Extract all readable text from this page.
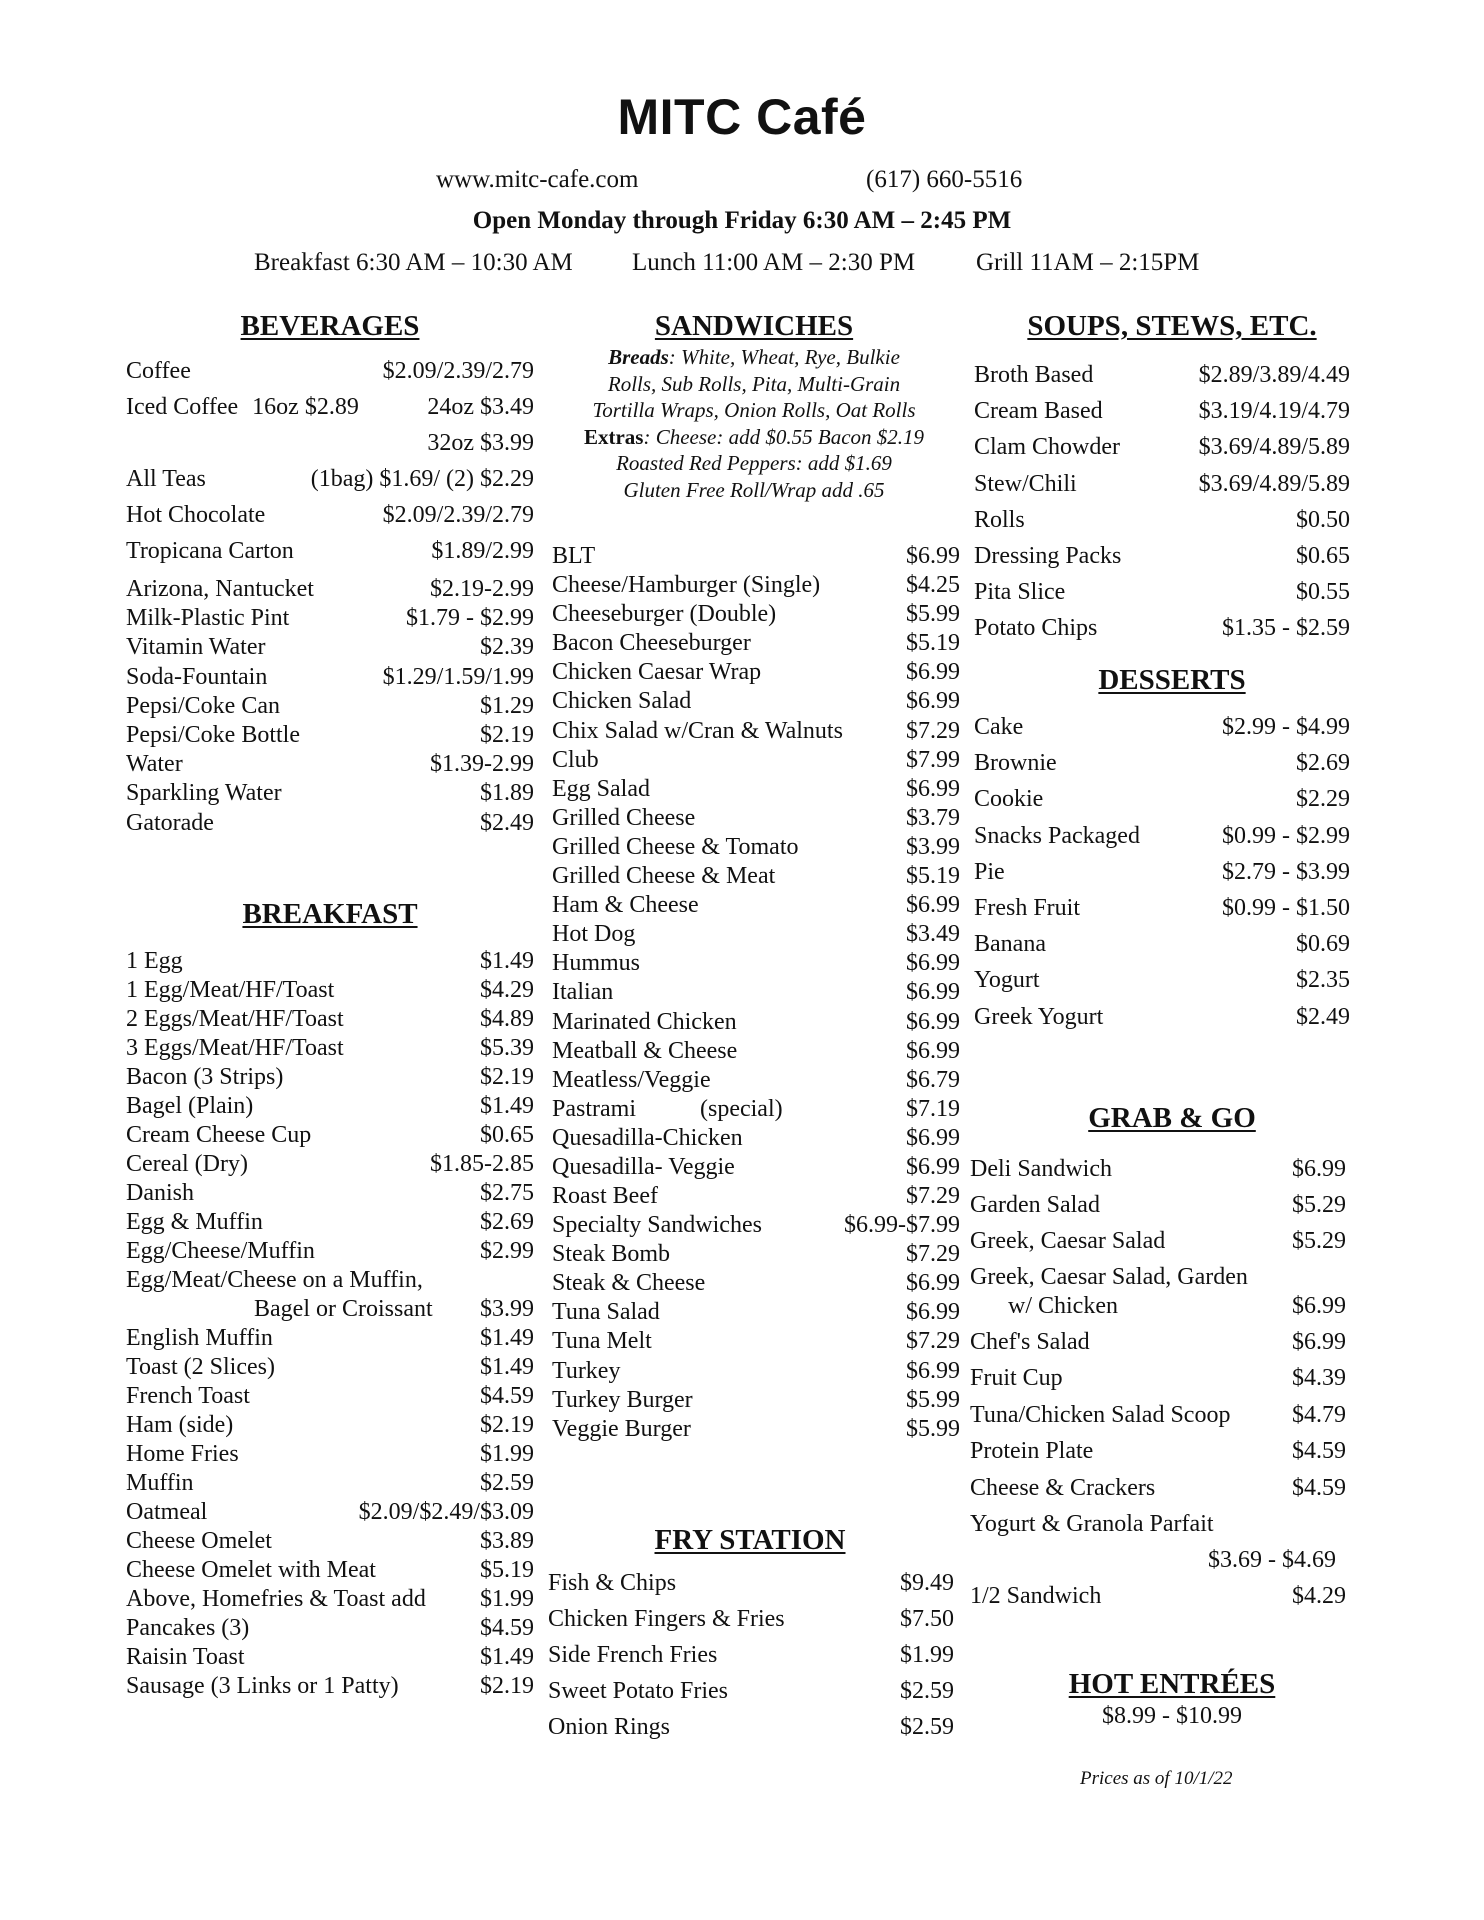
MITC Café
www.mitc-cafe.com	(617) 660-5516
Open Monday through Friday 6:30 AM – 2:45 PM
Breakfast 6:30 AM – 10:30 AM Lunch 11:00 AM – 2:30 PM Grill 11AM – 2:15PM
BEVERAGES
Coffee	$2.09/2.39/2.79
Iced Coffee 16oz $2.89	24oz $3.49
32oz $3.99
All Teas	(1bag) $1.69/ (2) $2.29
Hot Chocolate	$2.09/2.39/2.79
Tropicana Carton	$1.89/2.99
Arizona, Nantucket	$2.19-2.99
Milk-Plastic Pint	$1.79 - $2.99
Vitamin Water	$2.39
Soda-Fountain	$1.29/1.59/1.99
Pepsi/Coke Can	$1.29
Pepsi/Coke Bottle	$2.19
Water	$1.39-2.99
Sparkling Water	$1.89
Gatorade	$2.49
BREAKFAST
1 Egg	$1.49
1 Egg/Meat/HF/Toast	$4.29
2 Eggs/Meat/HF/Toast	$4.89
3 Eggs/Meat/HF/Toast	$5.39
Bacon (3 Strips)	$2.19
Bagel (Plain)	$1.49
Cream Cheese Cup	$0.65
Cereal (Dry)	$1.85-2.85
Danish	$2.75
Egg & Muffin	$2.69
Egg/Cheese/Muffin	$2.99
Egg/Meat/Cheese on a Muffin,
Bagel or Croissant $3.99
English Muffin	$1.49
Toast (2 Slices)	$1.49
French Toast	$4.59
Ham (side)	$2.19
Home Fries	$1.99
Muffin	$2.59
Oatmeal	$2.09/$2.49/$3.09
Cheese Omelet	$3.89
Cheese Omelet with Meat	$5.19
Above, Homefries & Toast add $1.99
Pancakes (3)	$4.59
Raisin Toast	$1.49
Sausage (3 Links or 1 Patty)	$2.19
SANDWICHES
Breads: White, Wheat, Rye, Bulkie
Rolls, Sub Rolls, Pita, Multi-Grain
Tortilla Wraps, Onion Rolls, Oat Rolls
Extras: Cheese: add $0.55 Bacon $2.19
Roasted Red Peppers: add $1.69
Gluten Free Roll/Wrap add .65
BLT	$6.99
Cheese/Hamburger (Single)	$4.25
Cheeseburger (Double)	$5.99
Bacon Cheeseburger	$5.19
Chicken Caesar Wrap	$6.99
Chicken Salad	$6.99
Chix Salad w/Cran & Walnuts	$7.29
Club	$7.99
Egg Salad	$6.99
Grilled Cheese	$3.79
Grilled Cheese & Tomato	$3.99
Grilled Cheese & Meat	$5.19
Ham & Cheese	$6.99
Hot Dog	$3.49
Hummus	$6.99
Italian	$6.99
Marinated Chicken	$6.99
Meatball & Cheese	$6.99
Meatless/Veggie	$6.79
Pastrami	(special)	$7.19
Quesadilla-Chicken	$6.99
Quesadilla- Veggie	$6.99
Roast Beef	$7.29
Specialty Sandwiches	$6.99-$7.99
Steak Bomb	$7.29
Steak & Cheese	$6.99
Tuna Salad	$6.99
Tuna Melt	$7.29
Turkey	$6.99
Turkey Burger	$5.99
Veggie Burger	$5.99
FRY STATION
Fish & Chips	$9.49
Chicken Fingers & Fries	$7.50
Side French Fries	$1.99
Sweet Potato Fries	$2.59
Onion Rings	$2.59
SOUPS, STEWS, ETC.
Broth Based	$2.89/3.89/4.49
Cream Based	$3.19/4.19/4.79
Clam Chowder	$3.69/4.89/5.89
Stew/Chili	$3.69/4.89/5.89
Rolls	$0.50
Dressing Packs	$0.65
Pita Slice	$0.55
Potato Chips	$1.35 - $2.59
DESSERTS
Cake	$2.99 - $4.99
Brownie	$2.69
Cookie	$2.29
Snacks Packaged	$0.99 - $2.99
Pie	$2.79 - $3.99
Fresh Fruit	$0.99 - $1.50
Banana	$0.69
Yogurt	$2.35
Greek Yogurt	$2.49
GRAB & GO
Deli Sandwich	$6.99
Garden Salad	$5.29
Greek, Caesar Salad	$5.29
Greek, Caesar Salad, Garden
w/ Chicken	$6.99
Chef's Salad	$6.99
Fruit Cup	$4.39
Tuna/Chicken Salad Scoop	$4.79
Protein Plate	$4.59
Cheese & Crackers	$4.59
Yogurt & Granola Parfait
$3.69 - $4.69
1/2 Sandwich	$4.29
HOT ENTRÉES
$8.99 - $10.99
Prices as of 10/1/22
